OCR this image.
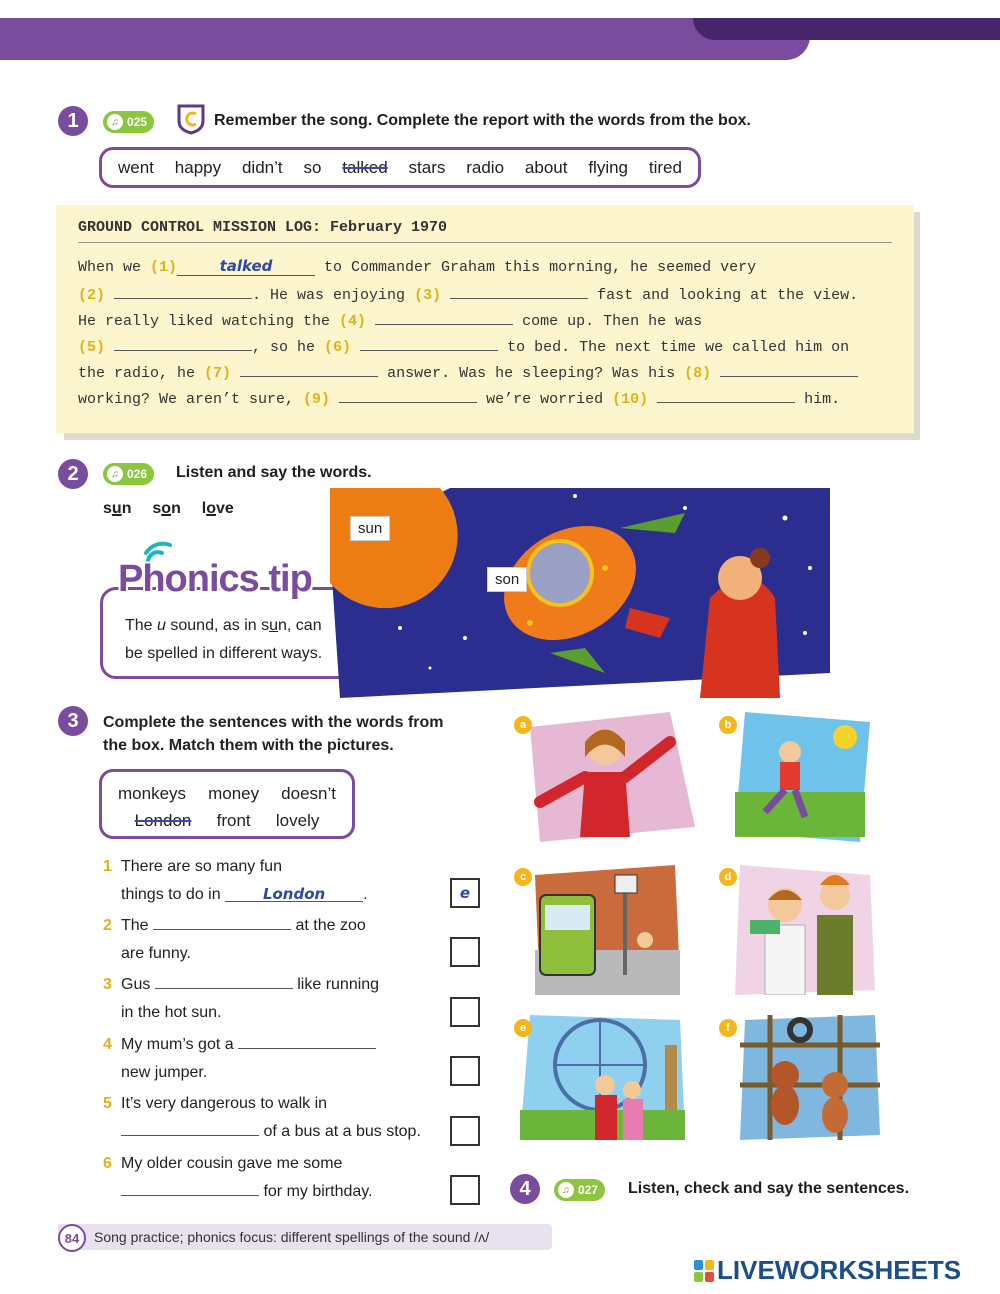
1	♫ 025	Remember the song. Complete the report with the words from the box.
went happy didn’t so talked stars radio about flying tired
GROUND CONTROL MISSION LOG: February 1970
When we (1)	talked	to Commander Graham this morning, he seemed very
(2)	. He was enjoying (3)	fast and looking at the view.
He really liked watching the (4)	come up. Then he was
(5)	, so he (6)	to bed. The next time we called him on
the radio, he (7)	answer. Was he sleeping? Was his (8)
working? We aren’t sure, (9)	we’re worried (10)	him.
2	♫ 026 Listen and say the words.
sun son love
The u sound, as in sun, can
be spelled in different ways.
Phonics tip
sun
son
3	Complete the sentences with the words from
the box. Match them with the pictures.
monkeys money doesn’t
London front lovely
1 There are so many fun
things to do in	London .
2 The	at the zoo
are funny.
3 Gus	like running
in the hot sun.
4 My mum’s got a
new jumper.
5 It’s very dangerous to walk in
of a bus at a bus stop.
6 My older cousin gave me some
for my birthday.
e
a	b
c	d
e	f
4	♫ 027 Listen, check and say the sentences.
84	Song practice; phonics focus: different spellings of the sound /ʌ/
LIVEWORKSHEETS
